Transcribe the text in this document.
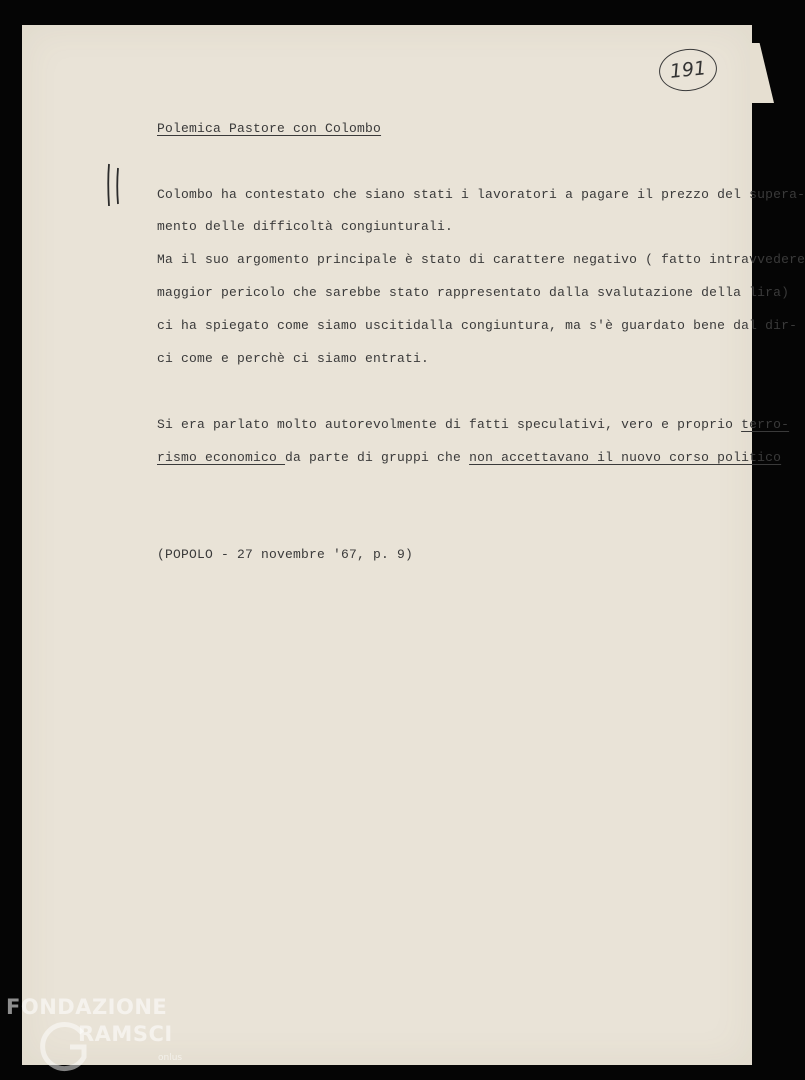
191
Polemica Pastore con Colombo
Colombo ha contestato che siano stati i lavoratori a pagare il prezzo del supera-
mento delle difficoltà congiunturali.
Ma il suo argomento principale è stato di carattere negativo ( fatto intravvedere
maggior pericolo che sarebbe stato rappresentato dalla svalutazione della lira)
ci ha spiegato come siamo uscitidalla congiuntura, ma s'è guardato bene dal dir-
ci come e perchè ci siamo entrati.
Si era parlato molto autorevolmente di fatti speculativi, vero e proprio terro-
rismo economico da parte di gruppi che non accettavano il nuovo corso politico
(POPOLO - 27 novembre '67, p. 9)
FONDAZIONE
RAMSCI
onlus
